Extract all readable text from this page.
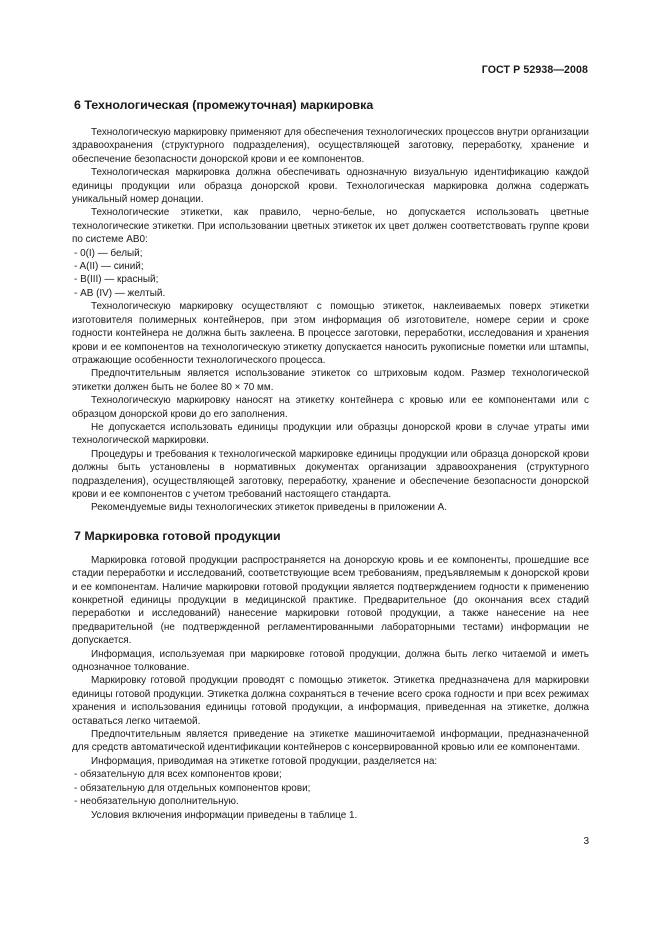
ГОСТ Р 52938—2008
6 Технологическая (промежуточная) маркировка

Технологическую маркировку применяют для обеспечения технологических процессов внутри организации здравоохранения (структурного подразделения), осуществляющей заготовку, переработку, хранение и обеспечение безопасности донорской крови и ее компонентов.

Технологическая маркировка должна обеспечивать однозначную визуальную идентификацию каждой единицы продукции или образца донорской крови. Технологическая маркировка должна содержать уникальный номер донации.

Технологические этикетки, как правило, черно-белые, но допускается использовать цветные технологические этикетки. При использовании цветных этикеток их цвет должен соответствовать группе крови по системе АВ0:

- 0(I) — белый;
- A(II) — синий;
- B(III) — красный;
- АВ (IV) — желтый.

Технологическую маркировку осуществляют с помощью этикеток, наклеиваемых поверх этикетки изготовителя полимерных контейнеров, при этом информация об изготовителе, номере серии и сроке годности контейнера не должна быть заклеена. В процессе заготовки, переработки, исследования и хранения крови и ее компонентов на технологическую этикетку допускается наносить рукописные пометки или штампы, отражающие особенности технологического процесса.

Предпочтительным является использование этикеток со штриховым кодом. Размер технологической этикетки должен быть не более 80 × 70 мм.

Технологическую маркировку наносят на этикетку контейнера с кровью или ее компонентами или с образцом донорской крови до его заполнения.

Не допускается использовать единицы продукции или образцы донорской крови в случае утраты ими технологической маркировки.

Процедуры и требования к технологической маркировке единицы продукции или образца донорской крови должны быть установлены в нормативных документах организации здравоохранения (структурного подразделения), осуществляющей заготовку, переработку, хранение и обеспечение безопасности донорской крови и ее компонентов с учетом требований настоящего стандарта.

Рекомендуемые виды технологических этикеток приведены в приложении А.

7 Маркировка готовой продукции

Маркировка готовой продукции распространяется на донорскую кровь и ее компоненты, прошедшие все стадии переработки и исследований, соответствующие всем требованиям, предъявляемым к донорской крови и ее компонентам. Наличие маркировки готовой продукции является подтверждением годности к применению конкретной единицы продукции в медицинской практике. Предварительное (до окончания всех стадий переработки и исследований) нанесение маркировки готовой продукции, а также нанесение на нее предварительной (не подтвержденной регламентированными лабораторными тестами) информации не допускается.

Информация, используемая при маркировке готовой продукции, должна быть легко читаемой и иметь однозначное толкование.

Маркировку готовой продукции проводят с помощью этикеток. Этикетка предназначена для маркировки единицы готовой продукции. Этикетка должна сохраняться в течение всего срока годности и при всех режимах хранения и использования единицы готовой продукции, а информация, приведенная на этикетке, должна оставаться легко читаемой.

Предпочтительным является приведение на этикетке машиночитаемой информации, предназначенной для средств автоматической идентификации контейнеров с консервированной кровью или ее компонентами.

Информация, приводимая на этикетке готовой продукции, разделяется на:

- обязательную для всех компонентов крови;
- обязательную для отдельных компонентов крови;
- необязательную дополнительную.

Условия включения информации приведены в таблице 1.

3
